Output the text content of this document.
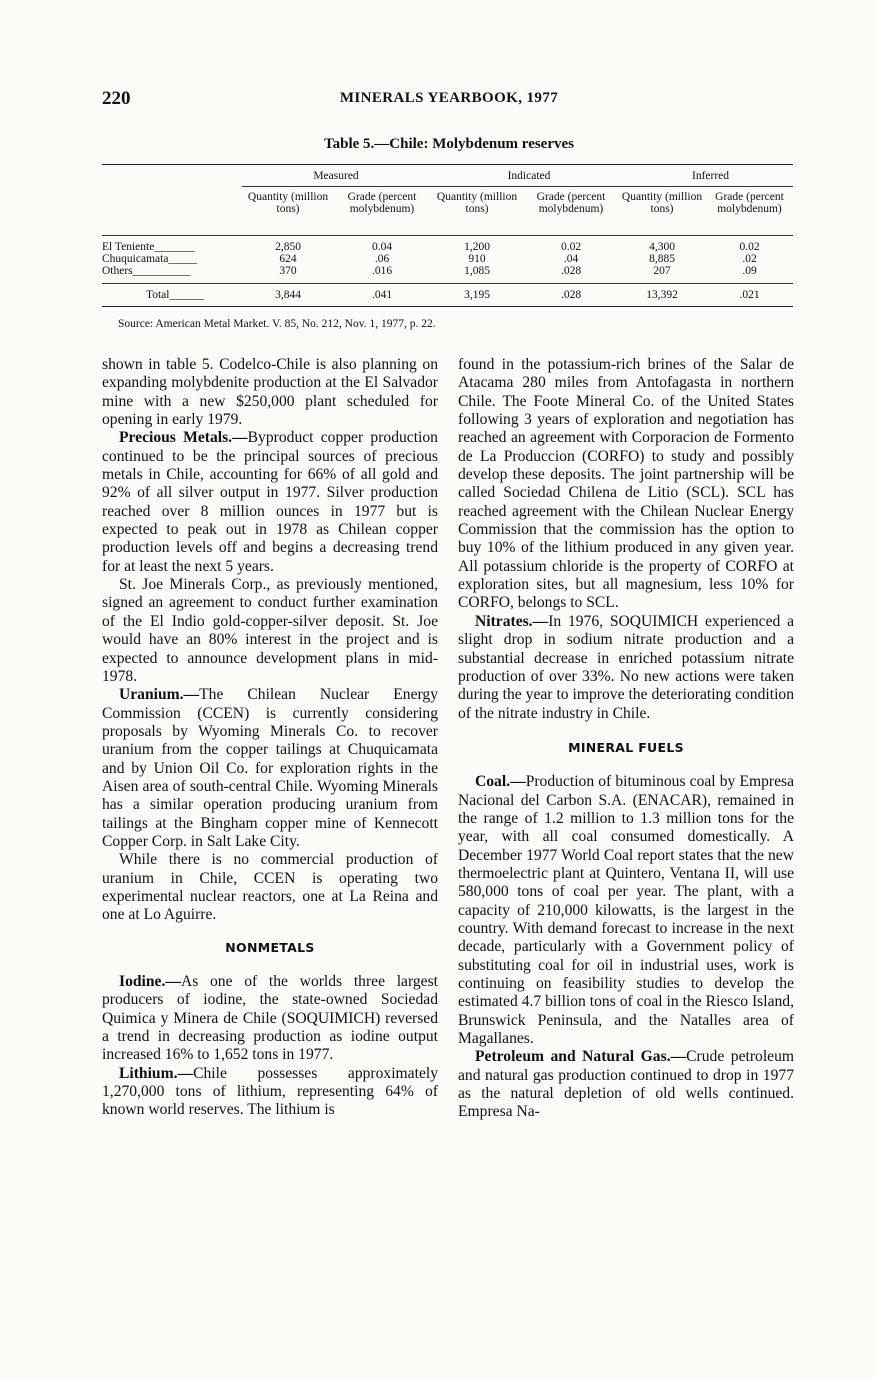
220	MINERALS YEARBOOK, 1977
Table 5.—Chile: Molybdenum reserves
	Measured		Indicated		Inferred	
	Quantity (million tons)	Grade (percent molybdenum)	Quantity (million tons)	Grade (percent molybdenum)	Quantity (million tons)	Grade (percent molybdenum)
El Teniente_______	2,850	0.04	1,200	0.02	4,300	0.02
Chuquicamata_____	624	.06	910	.04	8,885	.02
Others__________	370	.016	1,085	.028	207	.09
Total______	3,844	.041	3,195	.028	13,392	.021
Source: American Metal Market. V. 85, No. 212, Nov. 1, 1977, p. 22.

shown in table 5. Codelco-Chile is also planning on expanding molybdenite production at the El Salvador mine with a new $250,000 plant scheduled for opening in early 1979.

Precious Metals.—Byproduct copper production continued to be the principal sources of precious metals in Chile, accounting for 66% of all gold and 92% of all silver output in 1977. Silver production reached over 8 million ounces in 1977 but is expected to peak out in 1978 as Chilean copper production levels off and begins a decreasing trend for at least the next 5 years.

St. Joe Minerals Corp., as previously mentioned, signed an agreement to conduct further examination of the El Indio gold-copper-silver deposit. St. Joe would have an 80% interest in the project and is expected to announce development plans in mid-1978.

Uranium.—The Chilean Nuclear Energy Commission (CCEN) is currently considering proposals by Wyoming Minerals Co. to recover uranium from the copper tailings at Chuquicamata and by Union Oil Co. for exploration rights in the Aisen area of south-central Chile. Wyoming Minerals has a similar operation producing uranium from tailings at the Bingham copper mine of Kennecott Copper Corp. in Salt Lake City.

While there is no commercial production of uranium in Chile, CCEN is operating two experimental nuclear reactors, one at La Reina and one at Lo Aguirre.

NONMETALS

Iodine.—As one of the worlds three largest producers of iodine, the state-owned Sociedad Quimica y Minera de Chile (SOQUIMICH) reversed a trend in decreasing production as iodine output increased 16% to 1,652 tons in 1977.

Lithium.—Chile possesses approximately 1,270,000 tons of lithium, representing 64% of known world reserves. The lithium is

found in the potassium-rich brines of the Salar de Atacama 280 miles from Antofagasta in northern Chile. The Foote Mineral Co. of the United States following 3 years of exploration and negotiation has reached an agreement with Corporacion de Formento de La Produccion (CORFO) to study and possibly develop these deposits. The joint partnership will be called Sociedad Chilena de Litio (SCL). SCL has reached agreement with the Chilean Nuclear Energy Commission that the commission has the option to buy 10% of the lithium produced in any given year. All potassium chloride is the property of CORFO at exploration sites, but all magnesium, less 10% for CORFO, belongs to SCL.

Nitrates.—In 1976, SOQUIMICH experienced a slight drop in sodium nitrate production and a substantial decrease in enriched potassium nitrate production of over 33%. No new actions were taken during the year to improve the deteriorating condition of the nitrate industry in Chile.

MINERAL FUELS

Coal.—Production of bituminous coal by Empresa Nacional del Carbon S.A. (ENACAR), remained in the range of 1.2 million to 1.3 million tons for the year, with all coal consumed domestically. A December 1977 World Coal report states that the new thermoelectric plant at Quintero, Ventana II, will use 580,000 tons of coal per year. The plant, with a capacity of 210,000 kilowatts, is the largest in the country. With demand forecast to increase in the next decade, particularly with a Government policy of substituting coal for oil in industrial uses, work is continuing on feasibility studies to develop the estimated 4.7 billion tons of coal in the Riesco Island, Brunswick Peninsula, and the Natalles area of Magallanes.

Petroleum and Natural Gas.—Crude petroleum and natural gas production continued to drop in 1977 as the natural depletion of old wells continued. Empresa Na-
